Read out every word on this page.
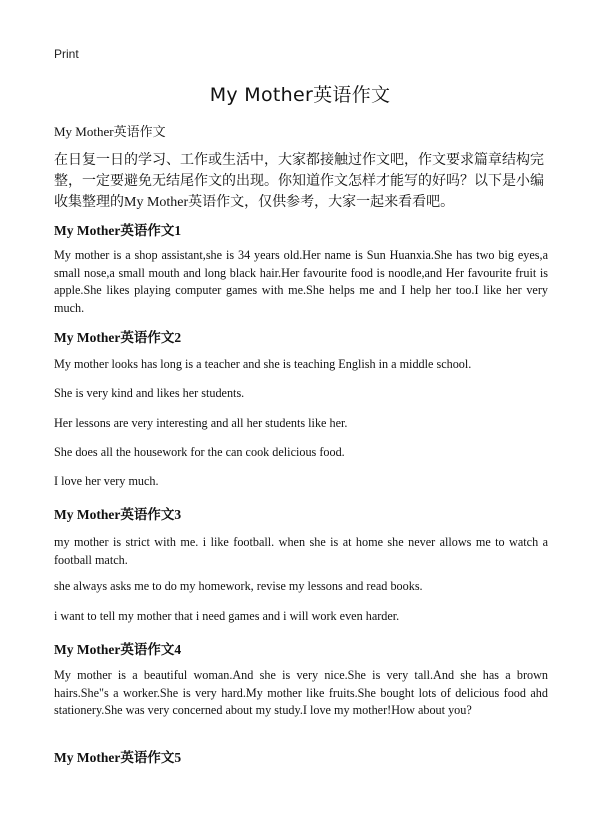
Print
My Mother英语作文
My Mother英语作文
在日复一日的学习、工作或生活中，大家都接触过作文吧，作文要求篇章结构完整，一定要避免无结尾作文的出现。你知道作文怎样才能写的好吗？以下是小编收集整理的My Mother英语作文，仅供参考，大家一起来看看吧。
My Mother英语作文1
My mother is a shop assistant,she is 34 years old.Her name is Sun Huanxia.She has two big eyes,a small nose,a small mouth and long black hair.Her favourite food is noodle,and Her favourite fruit is apple.She likes playing computer games with me.She helps me and I help her too.I like her very much.
My Mother英语作文2
My mother looks has long is a teacher and she is teaching English in a middle school.
She is very kind and likes her students.
Her lessons are very interesting and all her students like her.
She does all the housework for the can cook delicious food.
I love her very much.
My Mother英语作文3
my mother is strict with me. i like football. when she is at home she never allows me to watch a football match.
she always asks me to do my homework, revise my lessons and read books.
i want to tell my mother that i need games and i will work even harder.
My Mother英语作文4
My mother is a beautiful woman.And she is very nice.She is very tall.And she has a brown hairs.She"s a worker.She is very hard.My mother like fruits.She bought lots of delicious food ahd stationery.She was very concerned about my study.I love my mother!How about you?
My Mother英语作文5
